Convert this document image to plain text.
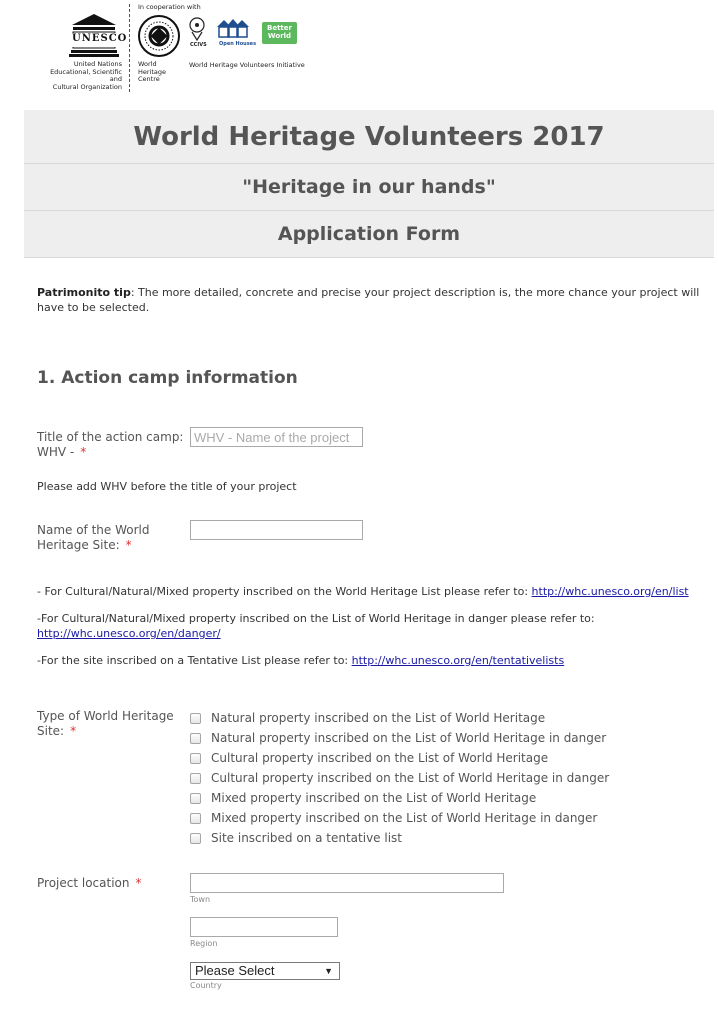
UNESCO
United Nations
Educational, Scientific and
Cultural Organization
In cooperation with
World
Heritage
Centre
CCIVS Open Houses
Better
World
World Heritage Volunteers Initiative
World Heritage Volunteers 2017
"Heritage in our hands"
Application Form
Patrimonito tip: The more detailed, concrete and precise your project description is, the more chance your project will have to be selected.
1. Action camp information
Title of the action camp:
WHV - *
WHV - Name of the project
Please add WHV before the title of your project
Name of the World
Heritage Site: *
- For Cultural/Natural/Mixed property inscribed on the World Heritage List please refer to: http://whc.unesco.org/en/list
-For Cultural/Natural/Mixed property inscribed on the List of World Heritage in danger please refer to: http://whc.unesco.org/en/danger/
-For the site inscribed on a Tentative List please refer to: http://whc.unesco.org/en/tentativelists
Type of World Heritage
Site: *
Natural property inscribed on the List of World Heritage
Natural property inscribed on the List of World Heritage in danger
Cultural property inscribed on the List of World Heritage
Cultural property inscribed on the List of World Heritage in danger
Mixed property inscribed on the List of World Heritage
Mixed property inscribed on the List of World Heritage in danger
Site inscribed on a tentative list
Project location *
Town
Region
Please Select	▼
Country
